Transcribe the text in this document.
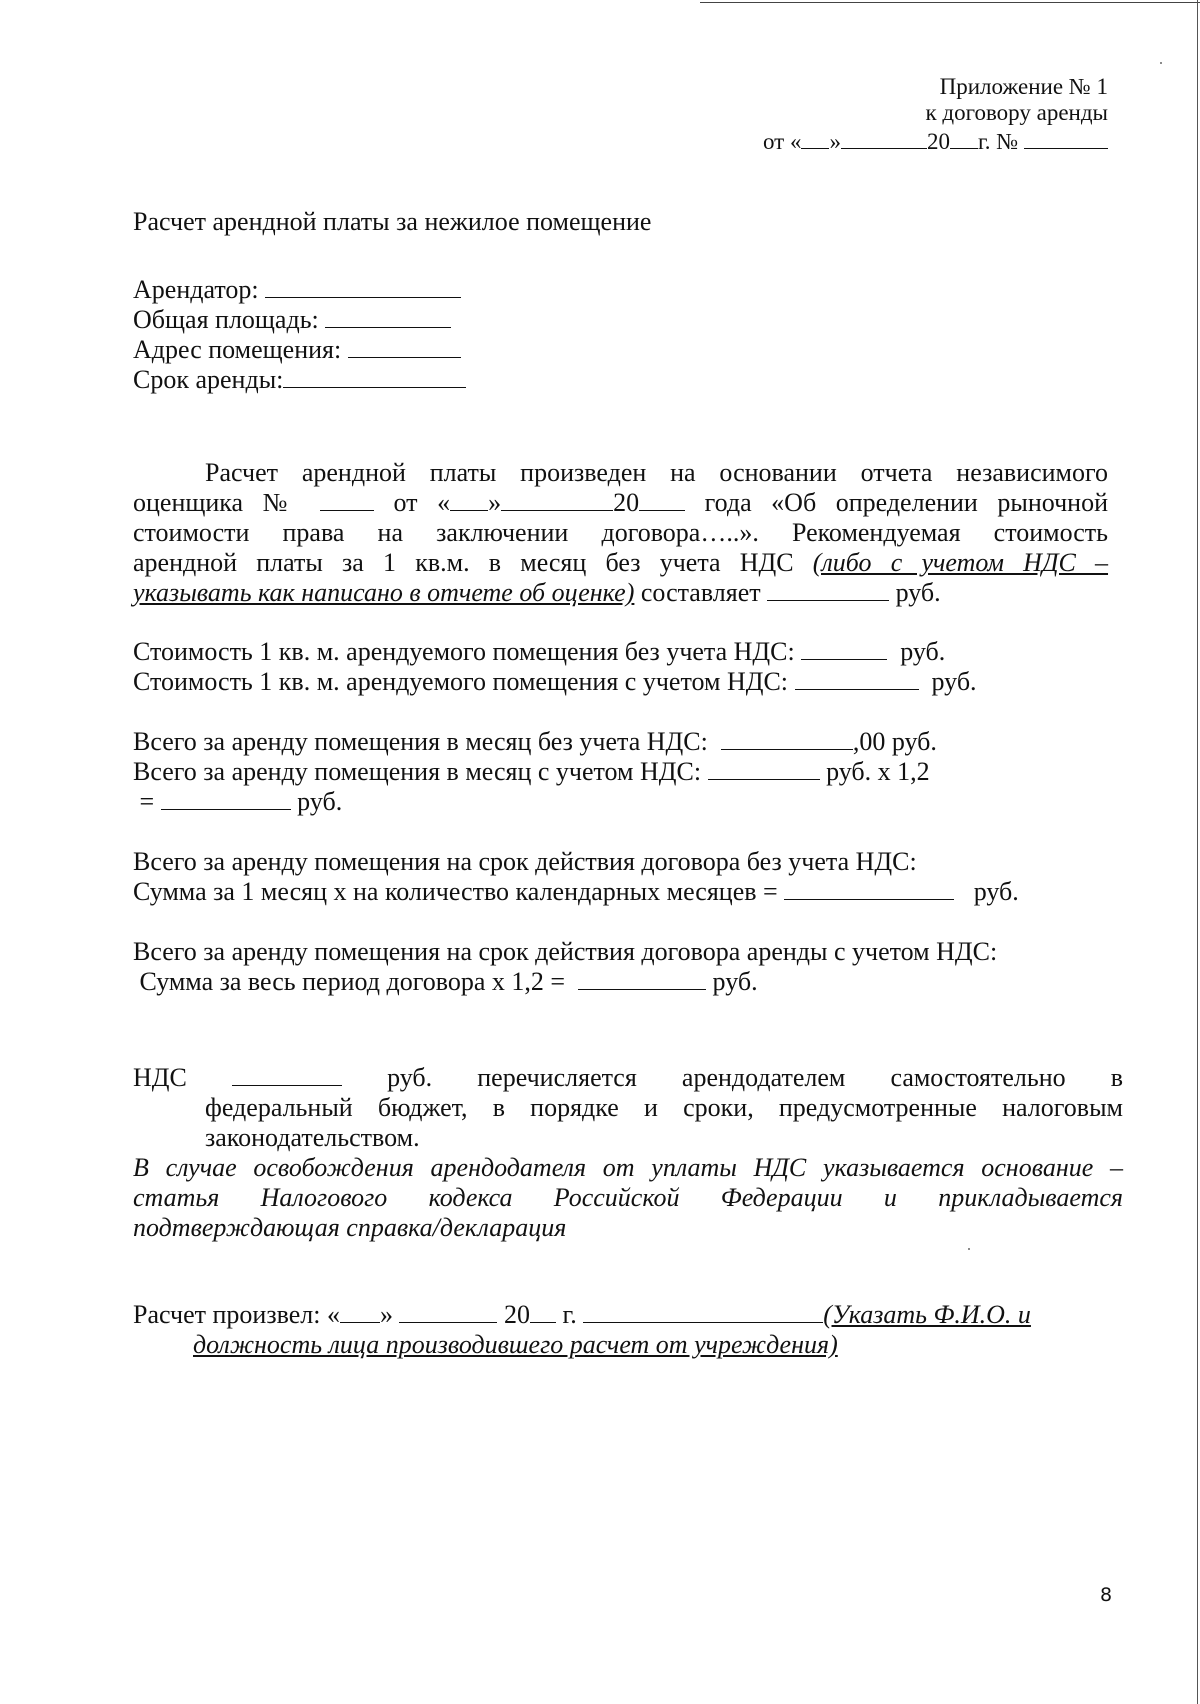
Приложение № 1
к договору аренды
от « »	20 г. №
Расчет арендной платы за нежилое помещение
Арендатор:
Общая площадь:
Адрес помещения:
Срок аренды:
Расчет арендной платы произведен на основании отчета независимого
оценщика №	от « »	20	года «Об определении рыночной
стоимости права на заключении договора…..». Рекомендуемая стоимость
арендной платы за 1 кв.м. в месяц без учета НДС (либо с учетом НДС –
указывать как написано в отчете об оценке) составляет	руб.
Стоимость 1 кв. м. арендуемого помещения без учета НДС:	руб.
Стоимость 1 кв. м. арендуемого помещения с учетом НДС:	руб.
Всего за аренду помещения в месяц без учета НДС:	,00 руб.
Всего за аренду помещения в месяц с учетом НДС:	руб. х 1,2
=	руб.
Всего за аренду помещения на срок действия договора без учета НДС:
Сумма за 1 месяц х на количество календарных месяцев =	руб.
Всего за аренду помещения на срок действия договора аренды с учетом НДС:
Сумма за весь период договора х 1,2 =	руб.
НДС	руб. перечисляется арендодателем самостоятельно в
федеральный бюджет, в порядке и сроки, предусмотренные налоговым
законодательством.
В случае освобождения арендодателя от уплаты НДС указывается основание –
статья Налогового кодекса Российской Федерации и прикладывается
подтверждающая справка/декларация
Расчет произвел: « »	20 г.	(Указать Ф.И.О. и
должность лица производившего расчет от учреждения)
8
